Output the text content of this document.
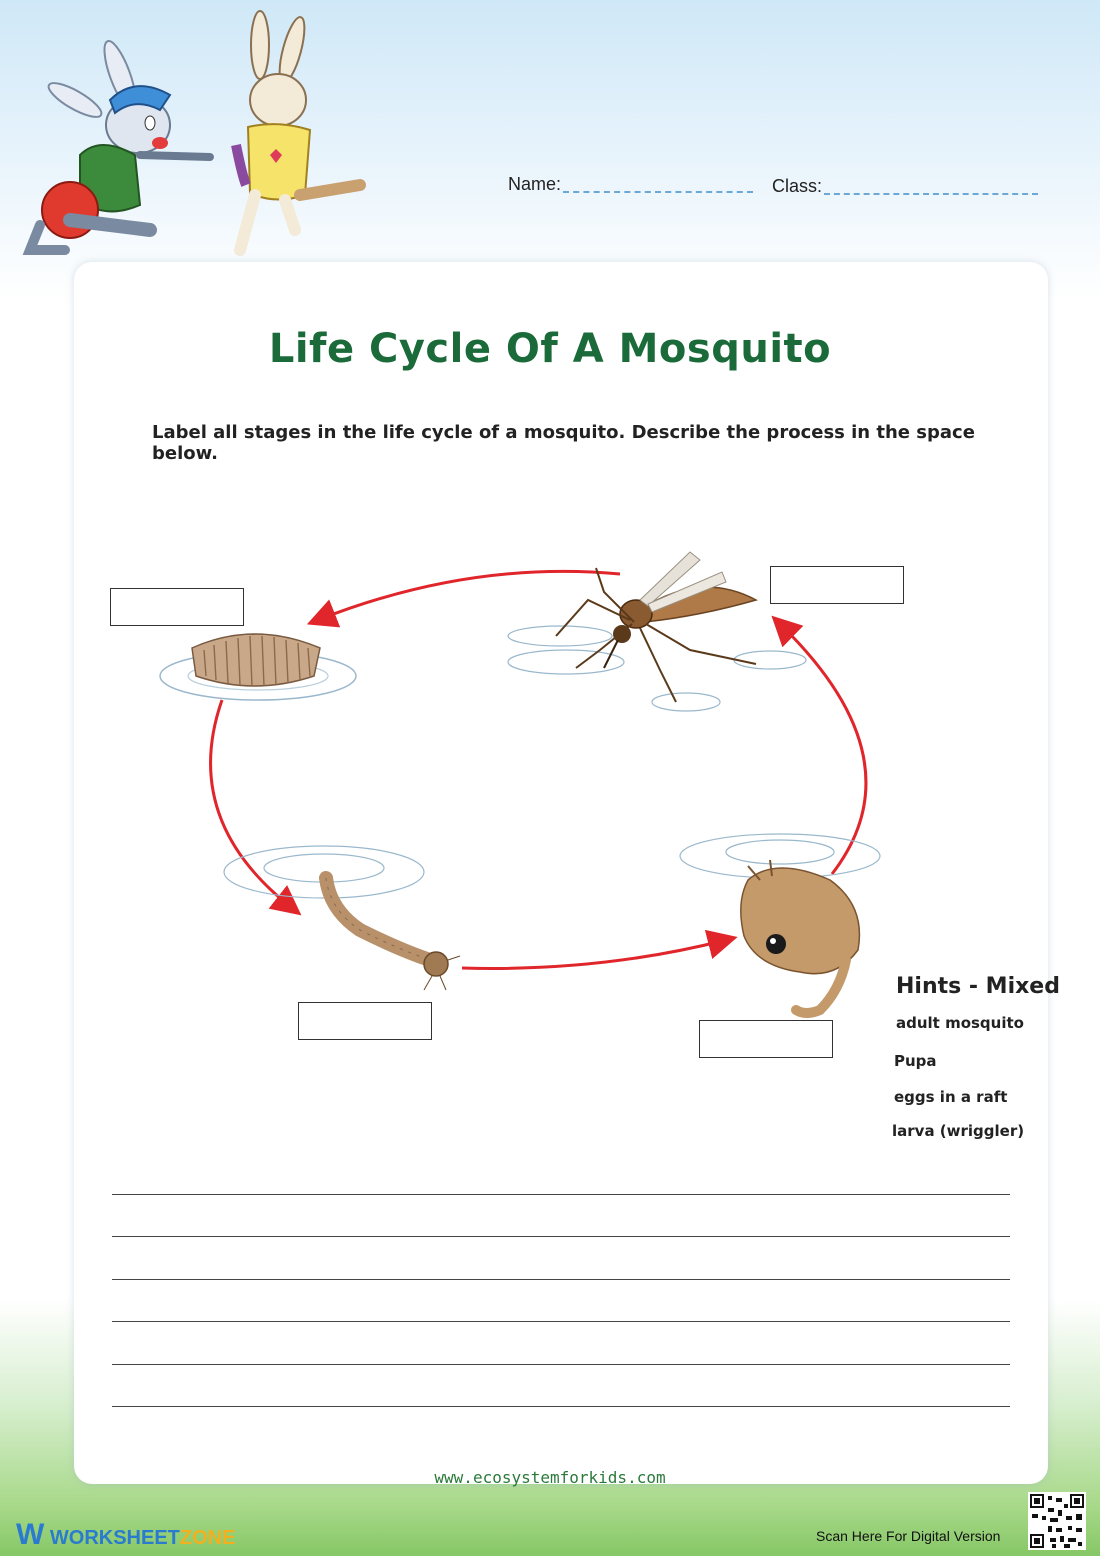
Name:	Class:
Life Cycle Of A Mosquito
Label all stages in the life cycle of a mosquito. Describe the process in the space below.
Hints - Mixed
adult mosquito
Pupa
eggs in a raft
larva (wriggler)
www.ecosystemforkids.com
W WORKSHEETZONE	Scan Here For Digital Version
